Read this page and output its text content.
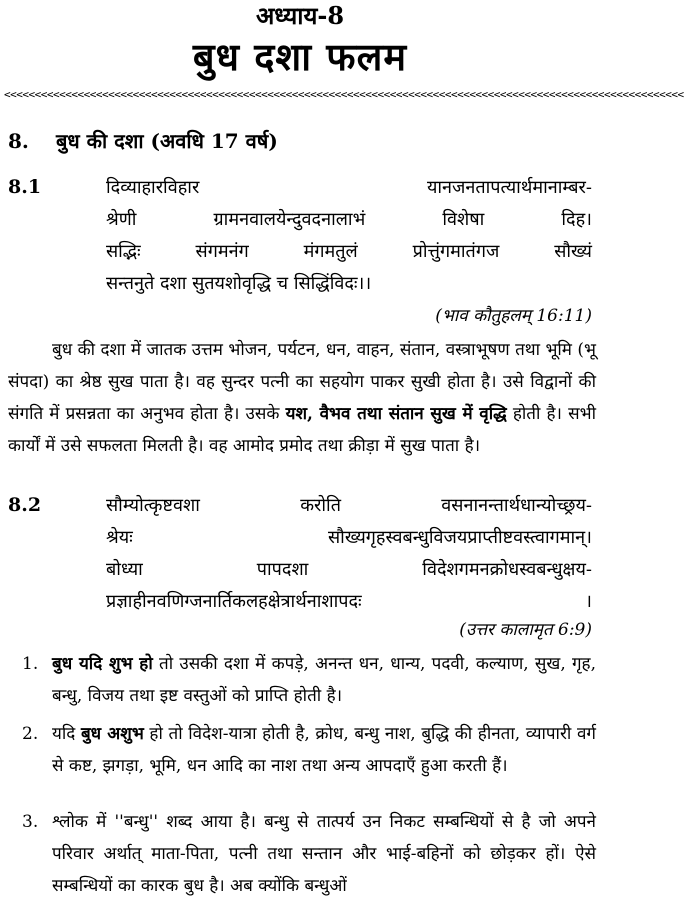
अध्याय-8
बुध दशा फलम
<<<<<<<<<<<<<<<<<<<<<<<<<<<<<<<<<<<<<<<<<<<<<<<<<<<<<<<<<<<<<<<<<<<<<<<<<<<<<<<<<<<<<<<<<<<<<<<<<<<<<<<<<<<<<<<
8. बुध की दशा (अवधि 17 वर्ष)
8.1	दिव्याहारविहार यानजनतापत्यार्थमानाम्बर-
श्रेणी ग्रामनवालयेन्दुवदनालाभं विशेषा दिह।
सद्भिः संगमनंग मंगमतुलं प्रोत्तुंगमातंगज सौख्यं
सन्तनुते दशा सुतयशोवृद्धि च सिद्धिंविदः।।
(भाव कौतुहलम् 16:11)
बुध की दशा में जातक उत्तम भोजन, पर्यटन, धन, वाहन, संतान, वस्त्राभूषण तथा भूमि (भू संपदा) का श्रेष्ठ सुख पाता है। वह सुन्दर पत्नी का सहयोग पाकर सुखी होता है। उसे विद्वानों की संगति में प्रसन्नता का अनुभव होता है। उसके यश, वैभव तथा संतान सुख में वृद्धि होती है। सभी कार्यों में उसे सफलता मिलती है। वह आमोद प्रमोद तथा क्रीड़ा में सुख पाता है।
8.2	सौम्योत्कृष्टवशा करोति वसनानन्तार्थधान्योच्छ्रय-
श्रेयः सौख्यगृहस्वबन्धुविजयप्राप्तीष्टवस्त्वागमान्।
बोध्या पापदशा विदेशगमनक्रोधस्वबन्धुक्षय-
प्रज्ञाहीनवणिग्जनार्तिकलहक्षेत्रार्थनाशापदः ।
(उत्तर कालामृत 6:9)
1. बुध यदि शुभ हो तो उसकी दशा में कपड़े, अनन्त धन, धान्य, पदवी, कल्याण, सुख, गृह, बन्धु, विजय तथा इष्ट वस्तुओं को प्राप्ति होती है।
2. यदि बुध अशुभ हो तो विदेश-यात्रा होती है, क्रोध, बन्धु नाश, बुद्धि की हीनता, व्यापारी वर्ग से कष्ट, झगड़ा, भूमि, धन आदि का नाश तथा अन्य आपदाएँ हुआ करती हैं।
3. श्लोक में ''बन्धु'' शब्द आया है। बन्धु से तात्पर्य उन निकट सम्बन्धियों से है जो अपने परिवार अर्थात् माता-पिता, पत्नी तथा सन्तान और भाई-बहिनों को छोड़कर हों। ऐसे सम्बन्धियों का कारक बुध है। अब क्योंकि बन्धुओं
